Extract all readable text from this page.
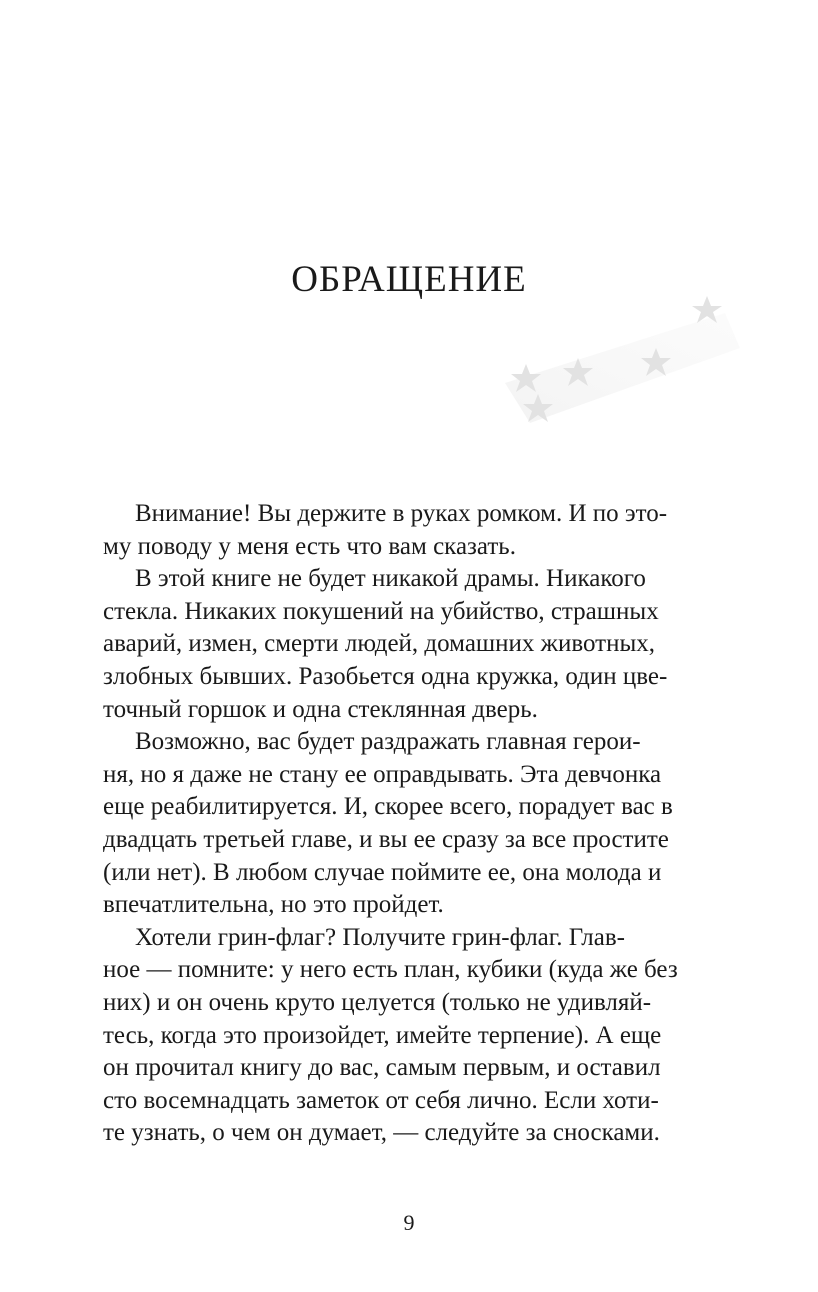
ОБРАЩЕНИЕ
Внимание! Вы держите в руках ромком. И по это-
му поводу у меня есть что вам сказать.
В этой книге не будет никакой драмы. Никакого
стекла. Никаких покушений на убийство, страшных
аварий, измен, смерти людей, домашних животных,
злобных бывших. Разобьется одна кружка, один цве-
точный горшок и одна стеклянная дверь.
Возможно, вас будет раздражать главная герои-
ня, но я даже не стану ее оправдывать. Эта девчонка
еще реабилитируется. И, скорее всего, порадует вас в
двадцать третьей главе, и вы ее сразу за все простите
(или нет). В любом случае поймите ее, она молода и
впечатлительна, но это пройдет.
Хотели грин-флаг? Получите грин-флаг. Глав-
ное — помните: у него есть план, кубики (куда же без
них) и он очень круто целуется (только не удивляй-
тесь, когда это произойдет, имейте терпение). А еще
он прочитал книгу до вас, самым первым, и оставил
сто восемнадцать заметок от себя лично. Если хоти-
те узнать, о чем он думает, — следуйте за сносками.
9
